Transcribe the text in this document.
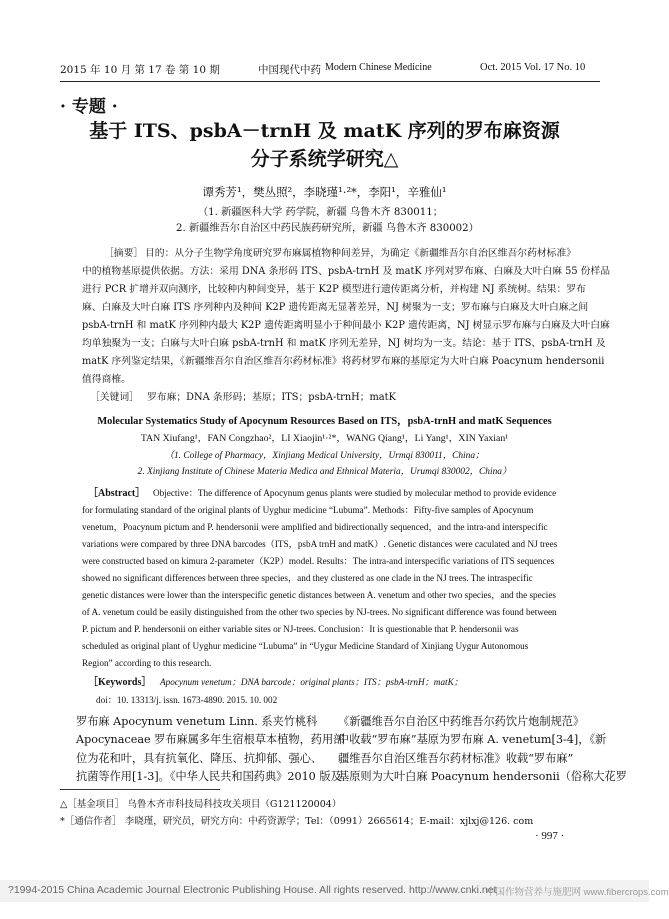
2015 年 10 月 第 17 卷 第 10 期	中国现代中药 Modern Chinese Medicine	Oct. 2015 Vol. 17 No. 10
· 专题 ·
基于 ITS、psbA－trnH 及 matK 序列的罗布麻资源
分子系统学研究△
谭秀芳¹，樊丛照²，李晓瑾¹·²*，李阳¹，辛雅仙¹
（1. 新疆医科大学 药学院，新疆 乌鲁木齐 830011；
2. 新疆维吾尔自治区中药民族药研究所，新疆 乌鲁木齐 830002）
［摘要］ 目的：从分子生物学角度研究罗布麻属植物种间差异，为确定《新疆维吾尔自治区维吾尔药材标准》
中的植物基原提供依据。方法：采用 DNA 条形码 ITS、psbA-trnH 及 matK 序列对罗布麻、白麻及大叶白麻 55 份样品
进行 PCR 扩增并双向测序，比较种内种间变异，基于 K2P 模型进行遗传距离分析，并构建 NJ 系统树。结果：罗布
麻、白麻及大叶白麻 ITS 序列种内及种间 K2P 遗传距离无显著差异，NJ 树聚为一支；罗布麻与白麻及大叶白麻之间
psbA-trnH 和 matK 序列种内最大 K2P 遗传距离明显小于种间最小 K2P 遗传距离，NJ 树显示罗布麻与白麻及大叶白麻
均单独聚为一支；白麻与大叶白麻 psbA-trnH 和 matK 序列无差异，NJ 树均为一支。结论：基于 ITS、psbA-trnH 及
matK 序列鉴定结果，《新疆维吾尔自治区维吾尔药材标准》将药材罗布麻的基原定为大叶白麻 Poacynum hendersonii
值得商榷。
［关键词］ 罗布麻；DNA 条形码；基原；ITS；psbA-trnH；matK
Molecular Systematics Study of Apocynum Resources Based on ITS，psbA-trnH and matK Sequences
TAN Xiufang¹，FAN Congzhao²，LI Xiaojin¹·²*，WANG Qiang¹，Li Yang¹，XIN Yaxian¹
（1. College of Pharmacy，Xinjiang Medical University，Urmqi 830011，China；
2. Xinjiang Institute of Chinese Materia Medica and Ethnical Materia，Urumqi 830002，China）
［Abstract］ Objective：The difference of Apocynum genus plants were studied by molecular method to provide evidence
for formulating standard of the original plants of Uyghur medicine “Lubuma”. Methods：Fifty-five samples of Apocynum
venetum，Poacynum pictum and P. hendersonii were amplified and bidirectionally sequenced，and the intra-and interspecific
variations were compared by three DNA barcodes（ITS，psbA trnH and matK）. Genetic distances were caculated and NJ trees
were constructed based on kimura 2-parameter（K2P）model. Results：The intra-and interspecific variations of ITS sequences
showed no significant differences between three species，and they clustered as one clade in the NJ trees. The intraspecific
genetic distances were lower than the interspecific genetic distances between A. venetum and other two species，and the species
of A. venetum could be easily distinguished from the other two species by NJ-trees. No significant difference was found between
P. pictum and P. hendersonii on either variable sites or NJ-trees. Conclusion：It is questionable that P. hendersonii was
scheduled as original plant of Uyghur medicine “Lubuma” in “Uygur Medicine Standard of Xinjiang Uygur Autonomous
Region” according to this research.
［Keywords］ Apocynum venetum；DNA barcode；original plants；ITS；psbA-trnH；matK；
doi：10. 13313/j. issn. 1673-4890. 2015. 10. 002
罗布麻 Apocynum venetum Linn. 系夹竹桃科
Apocynaceae 罗布麻属多年生宿根草本植物，药用部
位为花和叶，具有抗氧化、降压、抗抑郁、强心、
抗菌等作用[1-3]。《中华人民共和国药典》2010 版及
《新疆维吾尔自治区中药维吾尔药饮片炮制规范》
中收载“罗布麻”基原为罗布麻 A. venetum[3-4]，《新
疆维吾尔自治区维吾尔药材标准》收载“罗布麻”
基原则为大叶白麻 Poacynum hendersonii（俗称大花罗
△［基金项目］ 乌鲁木齐市科技局科技攻关项目（G121120004）
*［通信作者］ 李晓瑾，研究员，研究方向：中药资源学；Tel：（0991）2665614；E-mail：xjlxj@126. com
· 997 ·
?1994-2015 China Academic Journal Electronic Publishing House. All rights reserved. http://www.cnki.net
中国作物营养与施肥网 www.fibercrops.com
